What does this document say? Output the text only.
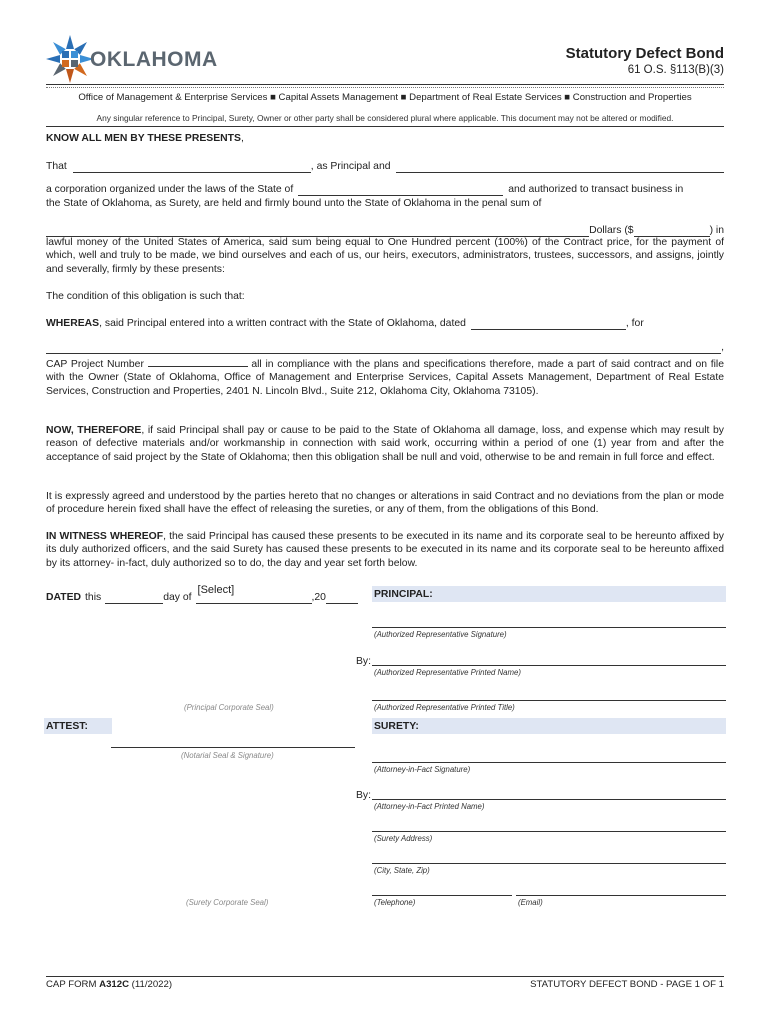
OKLAHOMA	Statutory Defect Bond
61 O.S. §113(B)(3)
Office of Management & Enterprise Services ■ Capital Assets Management ■ Department of Real Estate Services ■ Construction and Properties
Any singular reference to Principal, Surety, Owner or other party shall be considered plural where applicable. This document may not be altered or modified.
KNOW ALL MEN BY THESE PRESENTS,
That	, as Principal and
a corporation organized under the laws of the State of	and authorized to transact business in
the State of Oklahoma, as Surety, are held and firmly bound unto the State of Oklahoma in the penal sum of
Dollars ($	) in

lawful money of the United States of America, said sum being equal to One Hundred percent (100%) of the Contract price, for the payment of which, well and truly to be made, we bind ourselves and each of us, our heirs, executors, administrators, trustees, successors, and assigns, jointly and severally, firmly by these presents:

The condition of this obligation is such that:
WHEREAS , said Principal entered into a written contract with the State of Oklahoma, dated	, for
,
CAP Project Number	all in compliance with the plans and specifications therefore, made a part of said contract and on file with the Owner (State of Oklahoma, Office of Management and Enterprise Services, Capital Assets Management, Department of Real Estate Services, Construction and Properties, 2401 N. Lincoln Blvd., Suite 212, Oklahoma City, Oklahoma 73105).

NOW, THEREFORE, if said Principal shall pay or cause to be paid to the State of Oklahoma all damage, loss, and expense which may result by reason of defective materials and/or workmanship in connection with said work, occurring within a period of one (1) year from and after the acceptance of said project by the State of Oklahoma; then this obligation shall be null and void, otherwise to be and remain in full force and effect.

It is expressly agreed and understood by the parties hereto that no changes or alterations in said Contract and no deviations from the plan or mode of procedure herein fixed shall have the effect of releasing the sureties, or any of them, from the obligations of this Bond.

IN WITNESS WHEREOF, the said Principal has caused these presents to be executed in its name and its corporate seal to be hereunto affixed by its duly authorized officers, and the said Surety has caused these presents to be executed in its name and its corporate seal to be hereunto affixed by its attorney- in-fact, duly authorized so to do, the day and year set forth below.

DATED this	day of
[Select]
,20	PRINCIPAL:
(Authorized Representative Signature)
By:
(Authorized Representative Printed Name)
(Principal Corporate Seal)	(Authorized Representative Printed Title)
ATTEST:	SURETY:
(Notarial Seal & Signature)
(Attorney-in-Fact Signature)
By:
(Attorney-in-Fact Printed Name)
(Surety Address)
(City, State, Zip)
(Surety Corporate Seal)	(Telephone)	(Email)
CAP FORM A312C (11/2022)	STATUTORY DEFECT BOND - PAGE 1 OF 1
